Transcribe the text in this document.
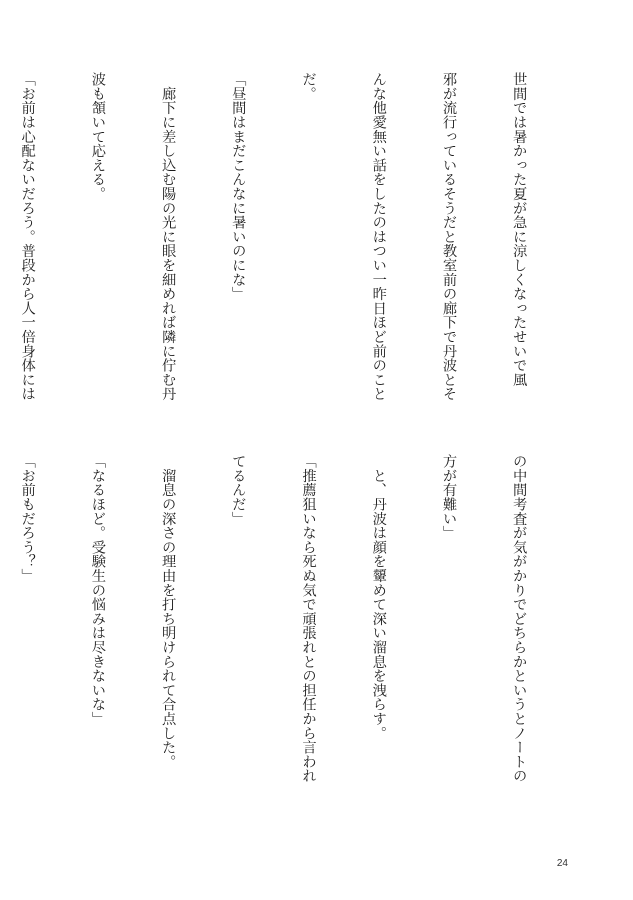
世間では暑かった夏が急に涼しくなったせいで風

邪が流行っているそうだと教室前の廊下で丹波とそ

んな他愛無い話をしたのはつい一昨日ほど前のこと

だ。

「昼間はまだこんなに暑いのにな」

　廊下に差し込む陽の光に眼を細めれば隣に佇む丹

波も頷いて応える。

「お前は心配ないだろう。普段から人一倍身体には

の中間考査が気がかりでどちらかというとノートの

方が有難い」

　と、丹波は顔を顰めて深い溜息を洩らす。

「推薦狙いなら死ぬ気で頑張れとの担任から言われ

てるんだ」

　溜息の深さの理由を打ち明けられて合点した。

「なるほど。受験生の悩みは尽きないな」

「お前もだろう？」

24
